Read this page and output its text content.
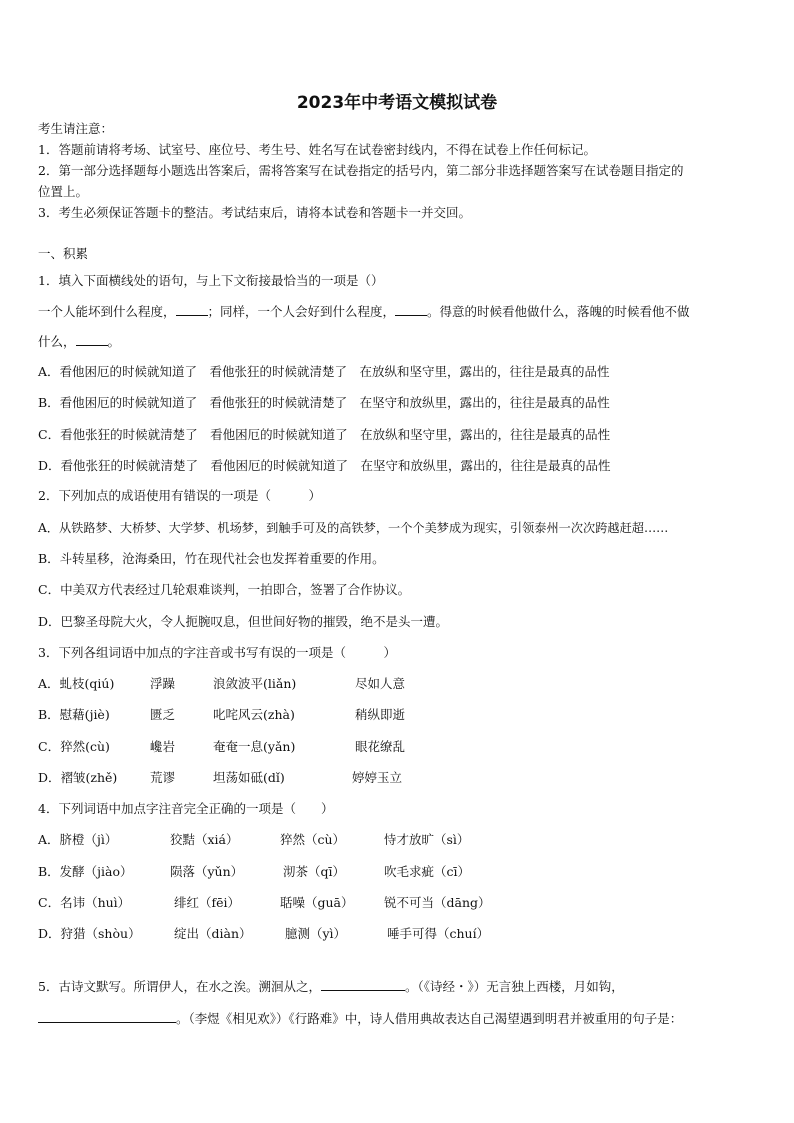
2023年中考语文模拟试卷
考生请注意：
1．答题前请将考场、试室号、座位号、考生号、姓名写在试卷密封线内，不得在试卷上作任何标记。
2．第一部分选择题每小题选出答案后，需将答案写在试卷指定的括号内，第二部分非选择题答案写在试卷题目指定的
位置上。
3．考生必须保证答题卡的整洁。考试结束后，请将本试卷和答题卡一并交回。
一、积累
1．填入下面横线处的语句，与上下文衔接最恰当的一项是（）
一个人能坏到什么程度，	；同样，一个人会好到什么程度，	。得意的时候看他做什么，落魄的时候看他不做
什么，	。
A．看他困厄的时候就知道了　看他张狂的时候就清楚了　在放纵和坚守里，露出的，往往是最真的品性
B．看他困厄的时候就知道了　看他张狂的时候就清楚了　在坚守和放纵里，露出的，往往是最真的品性
C．看他张狂的时候就清楚了　看他困厄的时候就知道了　在放纵和坚守里，露出的，往往是最真的品性
D．看他张狂的时候就清楚了　看他困厄的时候就知道了　在坚守和放纵里，露出的，往往是最真的品性
2．下列加点的成语使用有错误的一项是（　　　）
A．从铁路梦、大桥梦、大学梦、机场梦，到触手可及的高铁梦，一个个美梦成为现实，引领泰州一次次跨越赶超……
B．斗转星移，沧海桑田，竹在现代社会也发挥着重要的作用。
C．中美双方代表经过几轮艰难谈判，一拍即合，签署了合作协议。
D．巴黎圣母院大火，令人扼腕叹息，但世间好物的摧毁，绝不是头一遭。
3．下列各组词语中加点的字注音或书写有误的一项是（　　　）
A．虬枝(qiú)	浮躁	浪敛波平(liǎn)	尽如人意
B．慰藉(jiè)	匮乏	叱咤风云(zhà)	稍纵即逝
C．猝然(cù)	巉岩	奄奄一息(yǎn)	眼花缭乱
D．褶皱(zhě)	荒谬	坦荡如砥(dǐ)	婷婷玉立
4．下列词语中加点字注音完全正确的一项是（　　）
A．脐橙（jì）	狡黠（xiá）	猝然（cù）	恃才放旷（sì）
B．发酵（jiào）	陨落（yǔn）	沏茶（qī）	吹毛求疵（cī）
C．名讳（huì）	绯红（fēi）	聒噪（guā） 锐不可当（dāng）
D．狩猎（shòu）	绽出（diàn）	臆测（yì）	唾手可得（chuí）
5．古诗文默写。所谓伊人，在水之涘。溯洄从之，	。（《诗经・》）无言独上西楼，月如钩，
。（李煜《相见欢》）《行路难》中，诗人借用典故表达自己渴望遇到明君并被重用的句子是：
